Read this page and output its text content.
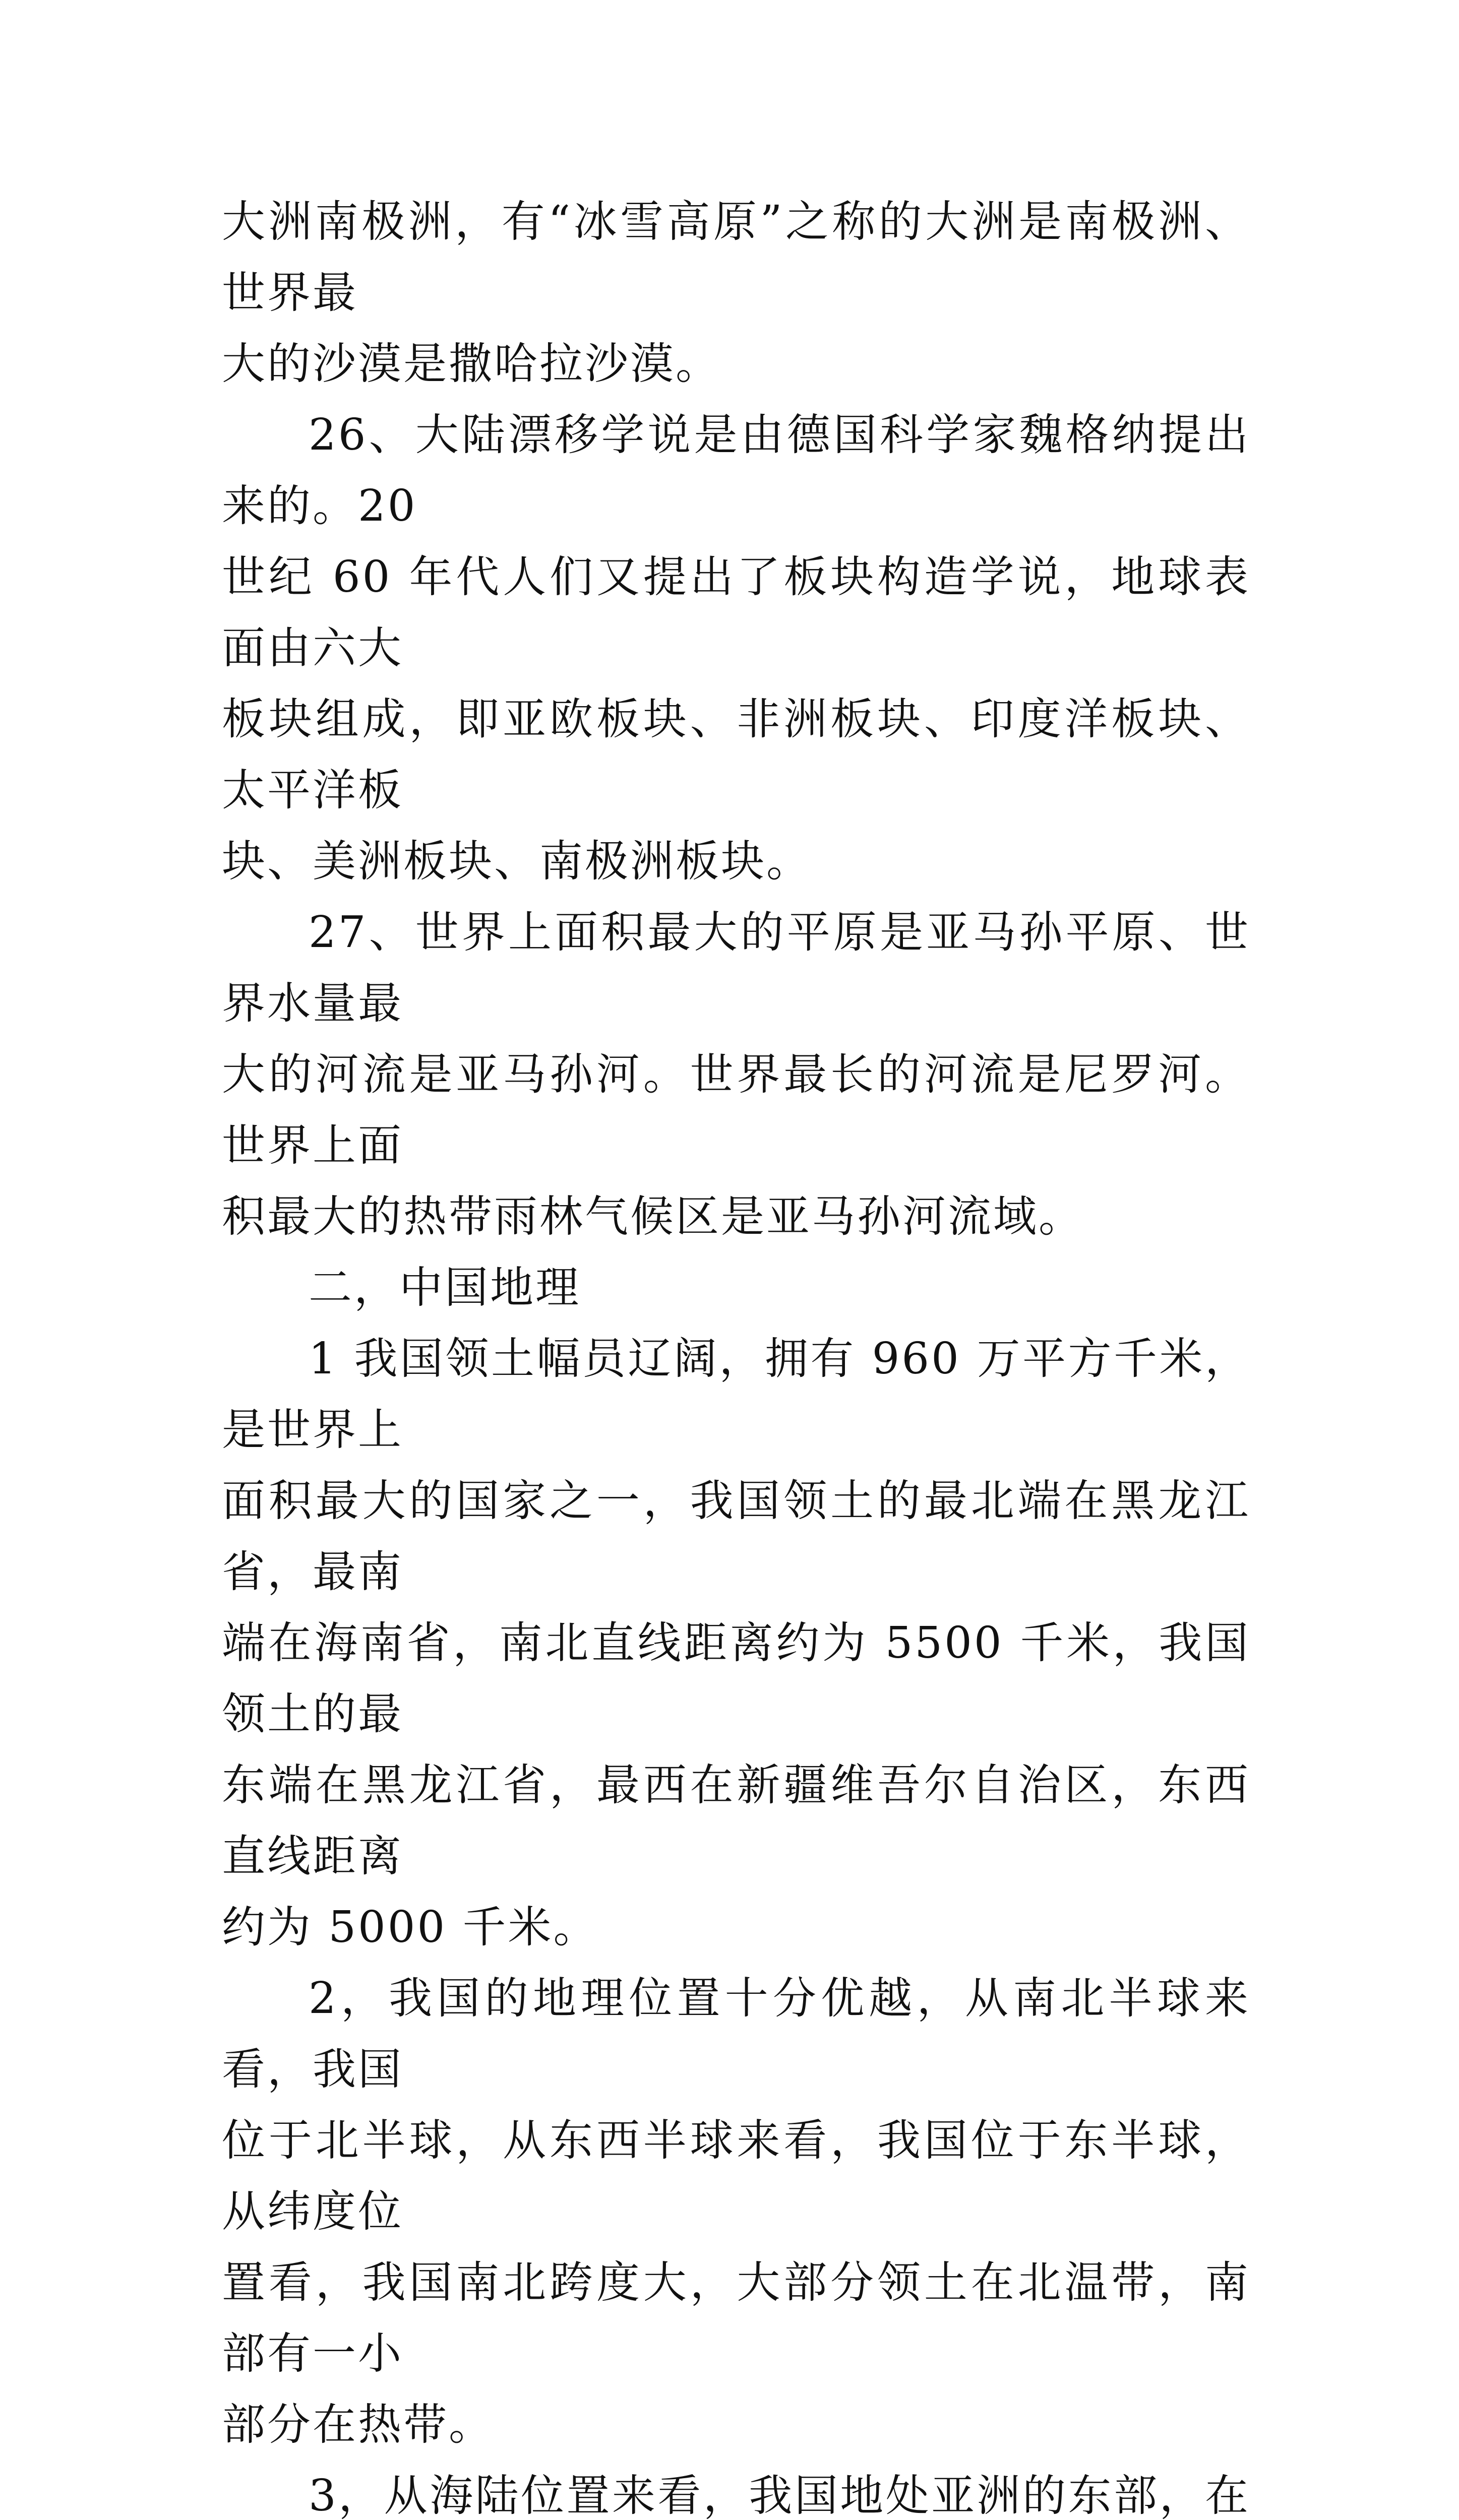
大洲南极洲，有“冰雪高原”之称的大洲是南极洲、世界最
大的沙漠是撒哈拉沙漠。

26、大陆漂移学说是由德国科学家魏格纳提出来的。20
世纪 60 年代人们又提出了板块构造学说，地球表面由六大
板块组成，即亚欧板块、非洲板块、印度洋板块、太平洋板
块、美洲板块、南极洲板块。

27、世界上面积最大的平原是亚马孙平原、世界水量最
大的河流是亚马孙河。世界最长的河流是尼罗河。世界上面
积最大的热带雨林气候区是亚马孙河流域。

二，中国地理

1 我国领土幅员辽阔，拥有 960 万平方千米，是世界上
面积最大的国家之一，我国领土的最北端在黑龙江省，最南
端在海南省，南北直线距离约为 5500 千米，我国领土的最
东端在黑龙江省，最西在新疆维吾尔自治区，东西直线距离
约为 5000 千米。

2，我国的地理位置十分优越，从南北半球来看，我国
位于北半球，从东西半球来看，我国位于东半球，从纬度位
置看，我国南北跨度大，大部分领土在北温带，南部有一小
部分在热带。

3，从海陆位置来看，我国地处亚洲的东部，在
